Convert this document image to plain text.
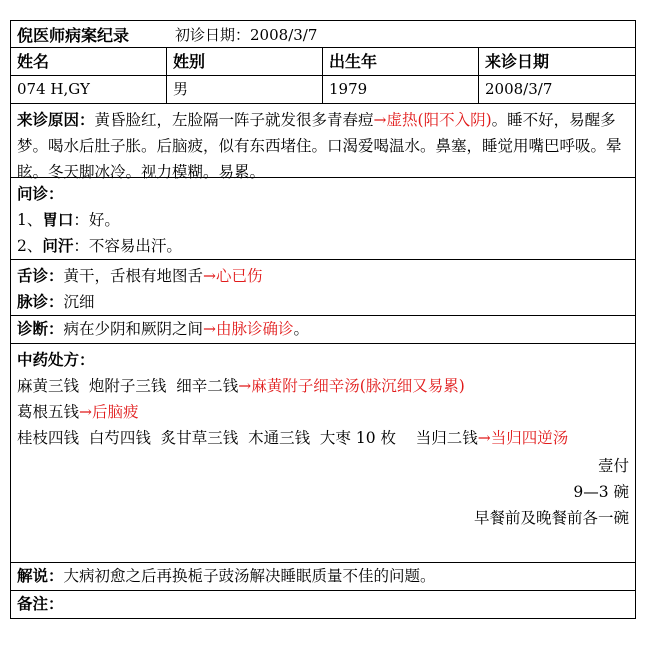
倪医师病案纪录	初诊日期：2008/3/7
姓名	姓别	出生年	来诊日期
074 H,GY	男	1979	2008/3/7
来诊原因：黄昏脸红，左脸隔一阵子就发很多青春痘→虚热(阳不入阴)。睡不好，易醒多梦。喝水后肚子胀。后脑疲，似有东西堵住。口渴爱喝温水。鼻塞，睡觉用嘴巴呼吸。晕眩。冬天脚冰冷。视力模糊。易累。
问诊：
1、胃口：好。
2、问汗：不容易出汗。
舌诊：黄干，舌根有地图舌→心已伤
脉诊：沉细
诊断：病在少阴和厥阴之间→由脉诊确诊。
中药处方：
麻黄三钱  炮附子三钱  细辛二钱→麻黄附子细辛汤(脉沉细又易累)
葛根五钱→后脑疲
桂枝四钱  白芍四钱  炙甘草三钱  木通三钱  大枣 10 枚    当归二钱→当归四逆汤
壹付
9—3 碗
早餐前及晚餐前各一碗
解说：大病初愈之后再换栀子豉汤解决睡眠质量不佳的问题。
备注：
